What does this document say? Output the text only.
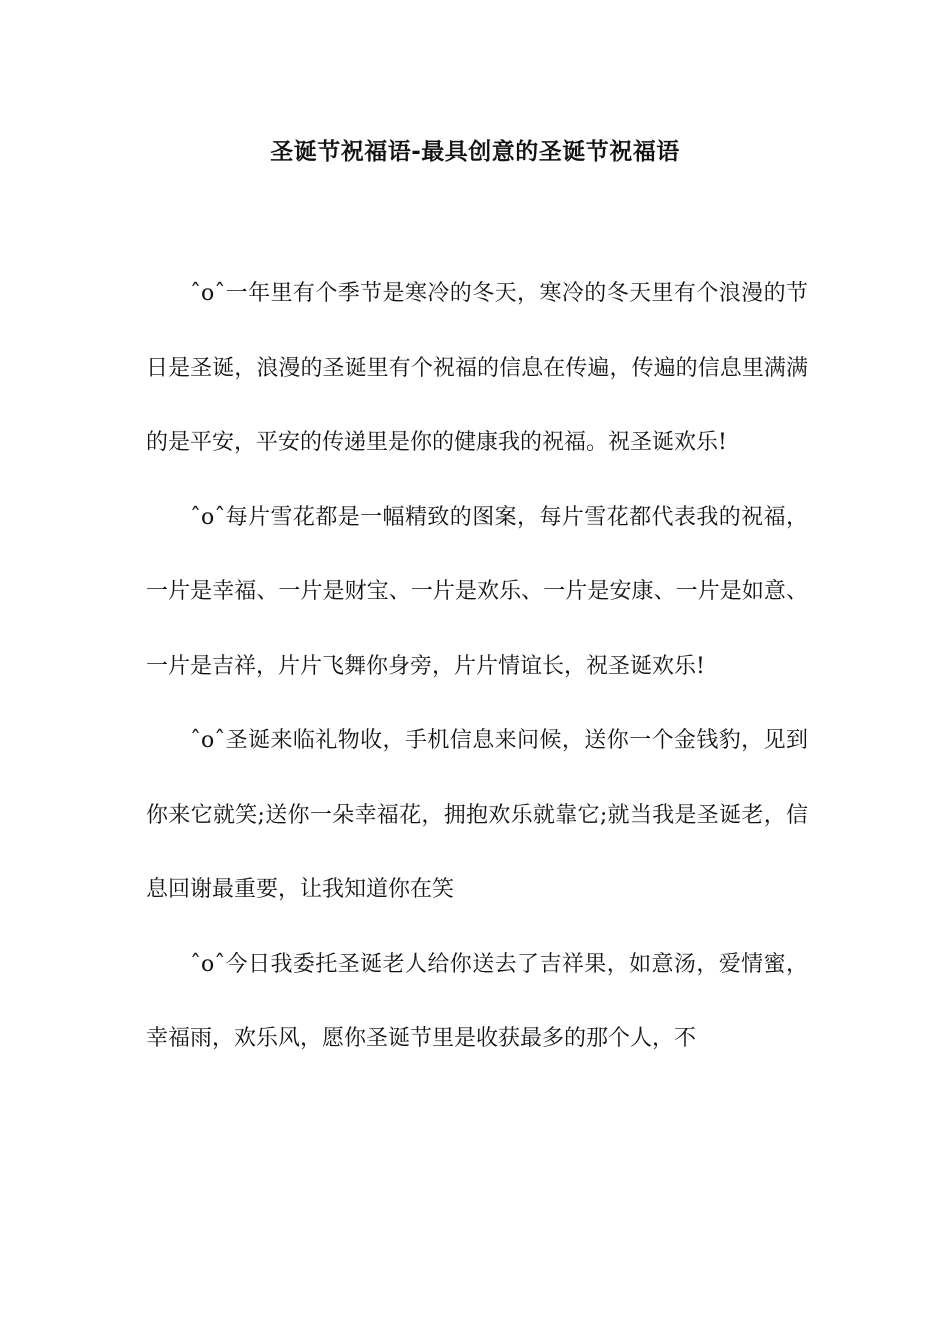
圣诞节祝福语-最具创意的圣诞节祝福语

ˆoˆ一年里有个季节是寒冷的冬天，寒冷的冬天里有个浪漫的节日是圣诞，浪漫的圣诞里有个祝福的信息在传遍，传遍的信息里满满的是平安，平安的传递里是你的健康我的祝福。祝圣诞欢乐!

ˆoˆ每片雪花都是一幅精致的图案，每片雪花都代表我的祝福，一片是幸福、一片是财宝、一片是欢乐、一片是安康、一片是如意、一片是吉祥，片片飞舞你身旁，片片情谊长，祝圣诞欢乐!

ˆoˆ圣诞来临礼物收，手机信息来问候，送你一个金钱豹，见到你来它就笑;送你一朵幸福花，拥抱欢乐就靠它;就当我是圣诞老，信息回谢最重要，让我知道你在笑

ˆoˆ今日我委托圣诞老人给你送去了吉祥果，如意汤，爱情蜜，幸福雨，欢乐风，愿你圣诞节里是收获最多的那个人，不
